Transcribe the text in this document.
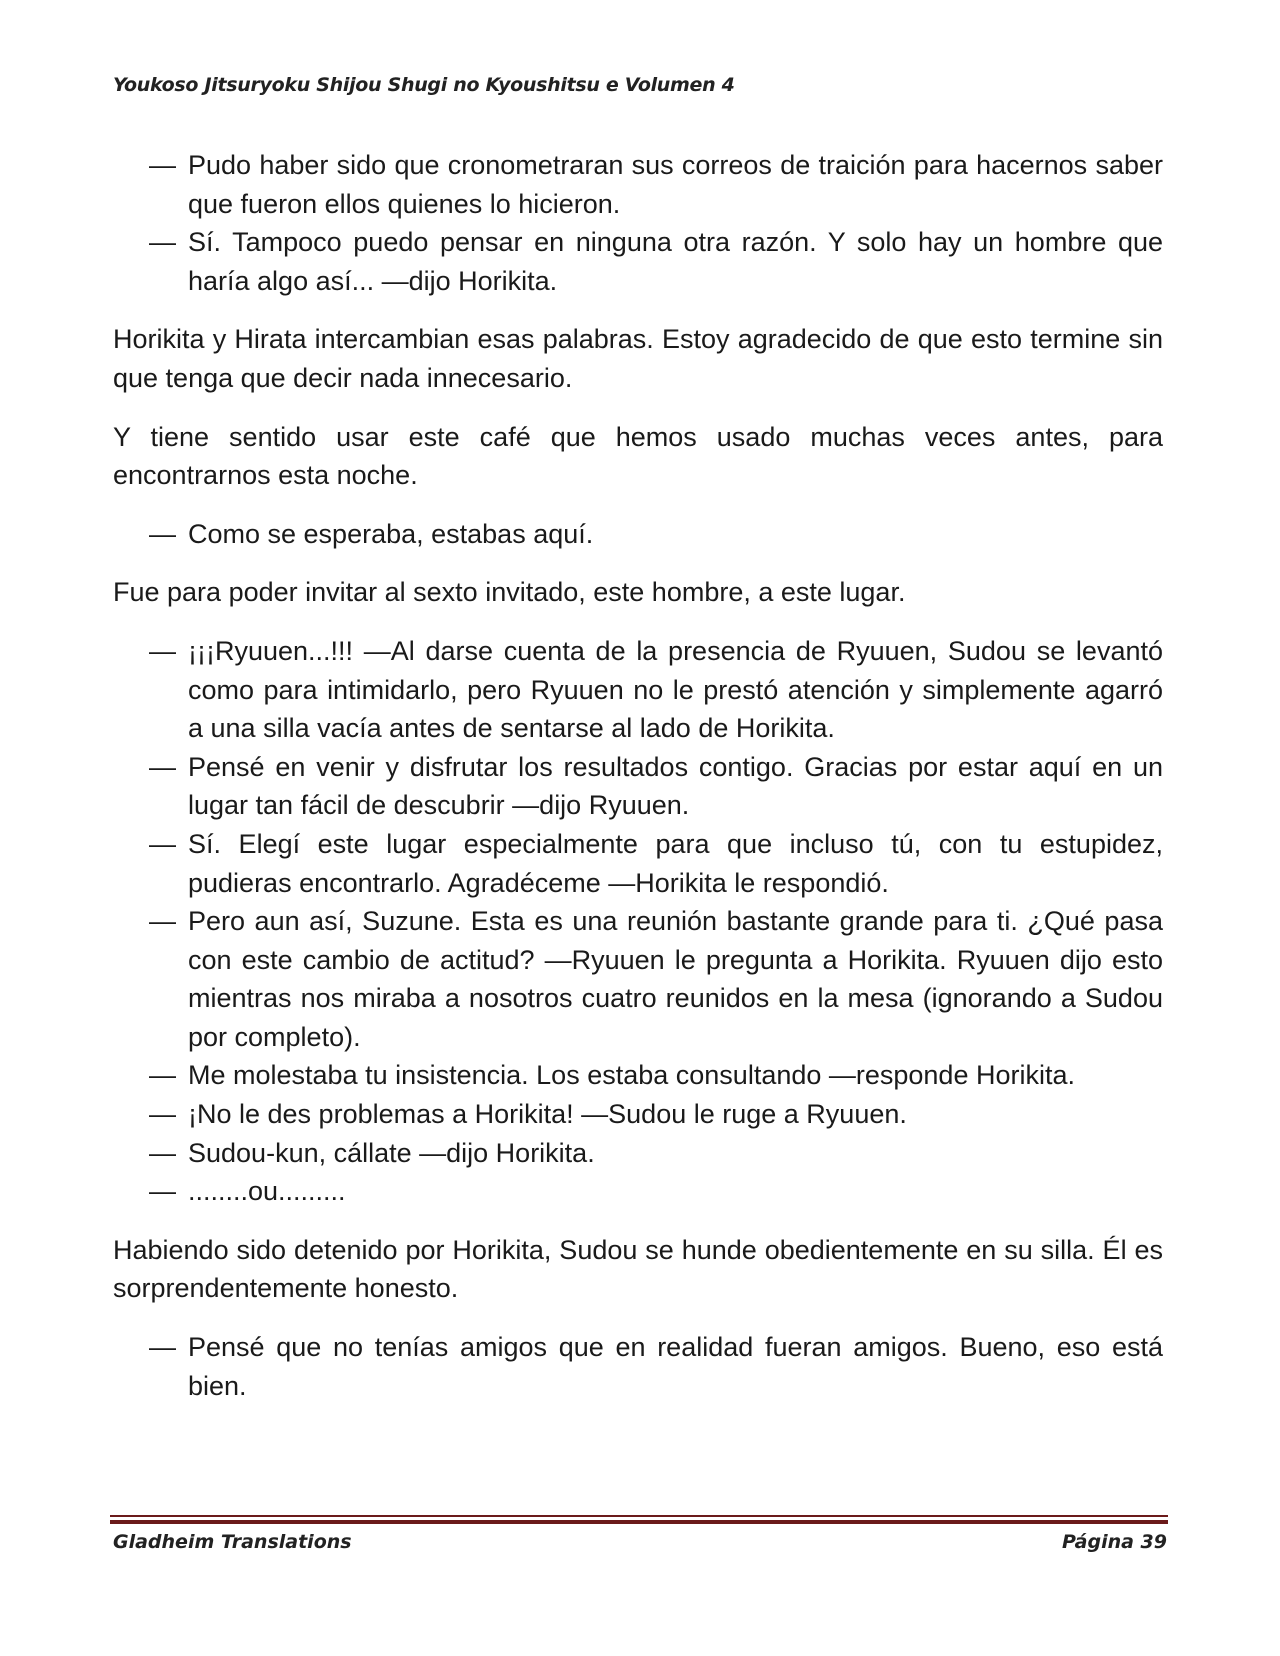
Youkoso Jitsuryoku Shijou Shugi no Kyoushitsu e Volumen 4
— Pudo haber sido que cronometraran sus correos de traición para hacernos saber que fueron ellos quienes lo hicieron.
— Sí. Tampoco puedo pensar en ninguna otra razón. Y solo hay un hombre que haría algo así... —dijo Horikita.

Horikita y Hirata intercambian esas palabras. Estoy agradecido de que esto termine sin que tenga que decir nada innecesario.

Y tiene sentido usar este café que hemos usado muchas veces antes, para encontrarnos esta noche.

— Como se esperaba, estabas aquí.

Fue para poder invitar al sexto invitado, este hombre, a este lugar.

— ¡¡¡Ryuuen...!!! —Al darse cuenta de la presencia de Ryuuen, Sudou se levantó como para intimidarlo, pero Ryuuen no le prestó atención y simplemente agarró a una silla vacía antes de sentarse al lado de Horikita.
— Pensé en venir y disfrutar los resultados contigo. Gracias por estar aquí en un lugar tan fácil de descubrir —dijo Ryuuen.
— Sí. Elegí este lugar especialmente para que incluso tú, con tu estupidez, pudieras encontrarlo. Agradéceme —Horikita le respondió.
— Pero aun así, Suzune. Esta es una reunión bastante grande para ti. ¿Qué pasa con este cambio de actitud? —Ryuuen le pregunta a Horikita. Ryuuen dijo esto mientras nos miraba a nosotros cuatro reunidos en la mesa (ignorando a Sudou por completo).
— Me molestaba tu insistencia. Los estaba consultando —responde Horikita.
— ¡No le des problemas a Horikita! —Sudou le ruge a Ryuuen.
— Sudou-kun, cállate —dijo Horikita.
— ........ou.........

Habiendo sido detenido por Horikita, Sudou se hunde obedientemente en su silla. Él es sorprendentemente honesto.

— Pensé que no tenías amigos que en realidad fueran amigos. Bueno, eso está bien.
Gladheim Translations	Página 39
